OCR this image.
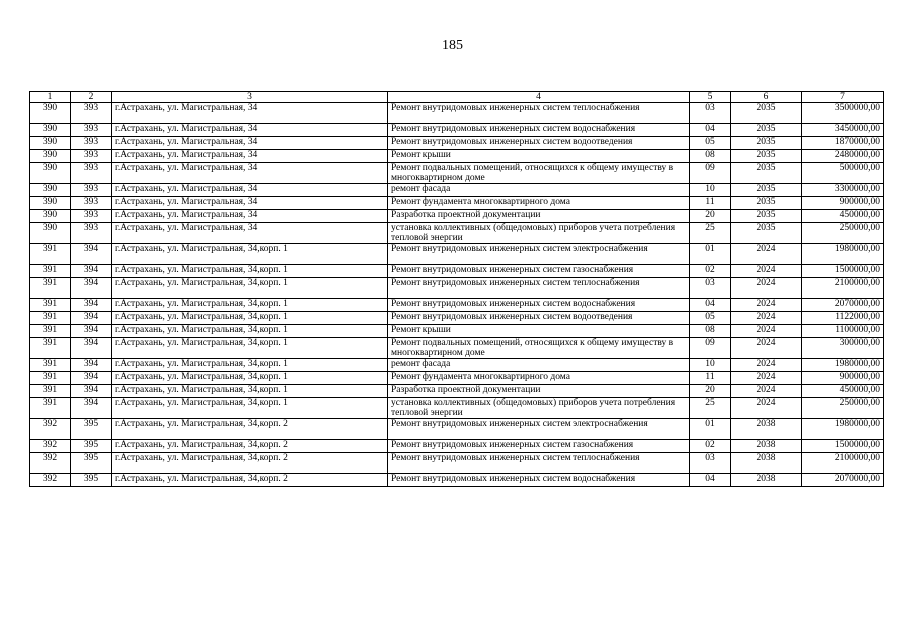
185
1	2	3	4	5	6	7
390	393	г.Астрахань, ул. Магистральная, 34	Ремонт внутридомовых инженерных систем теплоснабжения	03	2035	3500000,00
390	393	г.Астрахань, ул. Магистральная, 34	Ремонт внутридомовых инженерных систем водоснабжения	04	2035	3450000,00
390	393	г.Астрахань, ул. Магистральная, 34	Ремонт внутридомовых инженерных систем водоотведения	05	2035	1870000,00
390	393	г.Астрахань, ул. Магистральная, 34	Ремонт крыши	08	2035	2480000,00
390	393	г.Астрахань, ул. Магистральная, 34	Ремонт подвальных помещений, относящихся к общему имуществу в многоквартирном доме	09	2035	500000,00
390	393	г.Астрахань, ул. Магистральная, 34	ремонт фасада	10	2035	3300000,00
390	393	г.Астрахань, ул. Магистральная, 34	Ремонт фундамента многоквартирного дома	11	2035	900000,00
390	393	г.Астрахань, ул. Магистральная, 34	Разработка проектной документации	20	2035	450000,00
390	393	г.Астрахань, ул. Магистральная, 34	установка коллективных (общедомовых) приборов учета потребления тепловой энергии	25	2035	250000,00
391	394	г.Астрахань, ул. Магистральная, 34,корп. 1	Ремонт внутридомовых инженерных систем электроснабжения	01	2024	1980000,00
391	394	г.Астрахань, ул. Магистральная, 34,корп. 1	Ремонт внутридомовых инженерных систем газоснабжения	02	2024	1500000,00
391	394	г.Астрахань, ул. Магистральная, 34,корп. 1	Ремонт внутридомовых инженерных систем теплоснабжения	03	2024	2100000,00
391	394	г.Астрахань, ул. Магистральная, 34,корп. 1	Ремонт внутридомовых инженерных систем водоснабжения	04	2024	2070000,00
391	394	г.Астрахань, ул. Магистральная, 34,корп. 1	Ремонт внутридомовых инженерных систем водоотведения	05	2024	1122000,00
391	394	г.Астрахань, ул. Магистральная, 34,корп. 1	Ремонт крыши	08	2024	1100000,00
391	394	г.Астрахань, ул. Магистральная, 34,корп. 1	Ремонт подвальных помещений, относящихся к общему имуществу в многоквартирном доме	09	2024	300000,00
391	394	г.Астрахань, ул. Магистральная, 34,корп. 1	ремонт фасада	10	2024	1980000,00
391	394	г.Астрахань, ул. Магистральная, 34,корп. 1	Ремонт фундамента многоквартирного дома	11	2024	900000,00
391	394	г.Астрахань, ул. Магистральная, 34,корп. 1	Разработка проектной документации	20	2024	450000,00
391	394	г.Астрахань, ул. Магистральная, 34,корп. 1	установка коллективных (общедомовых) приборов учета потребления тепловой энергии	25	2024	250000,00
392	395	г.Астрахань, ул. Магистральная, 34,корп. 2	Ремонт внутридомовых инженерных систем электроснабжения	01	2038	1980000,00
392	395	г.Астрахань, ул. Магистральная, 34,корп. 2	Ремонт внутридомовых инженерных систем газоснабжения	02	2038	1500000,00
392	395	г.Астрахань, ул. Магистральная, 34,корп. 2	Ремонт внутридомовых инженерных систем теплоснабжения	03	2038	2100000,00
392	395	г.Астрахань, ул. Магистральная, 34,корп. 2	Ремонт внутридомовых инженерных систем водоснабжения	04	2038	2070000,00
